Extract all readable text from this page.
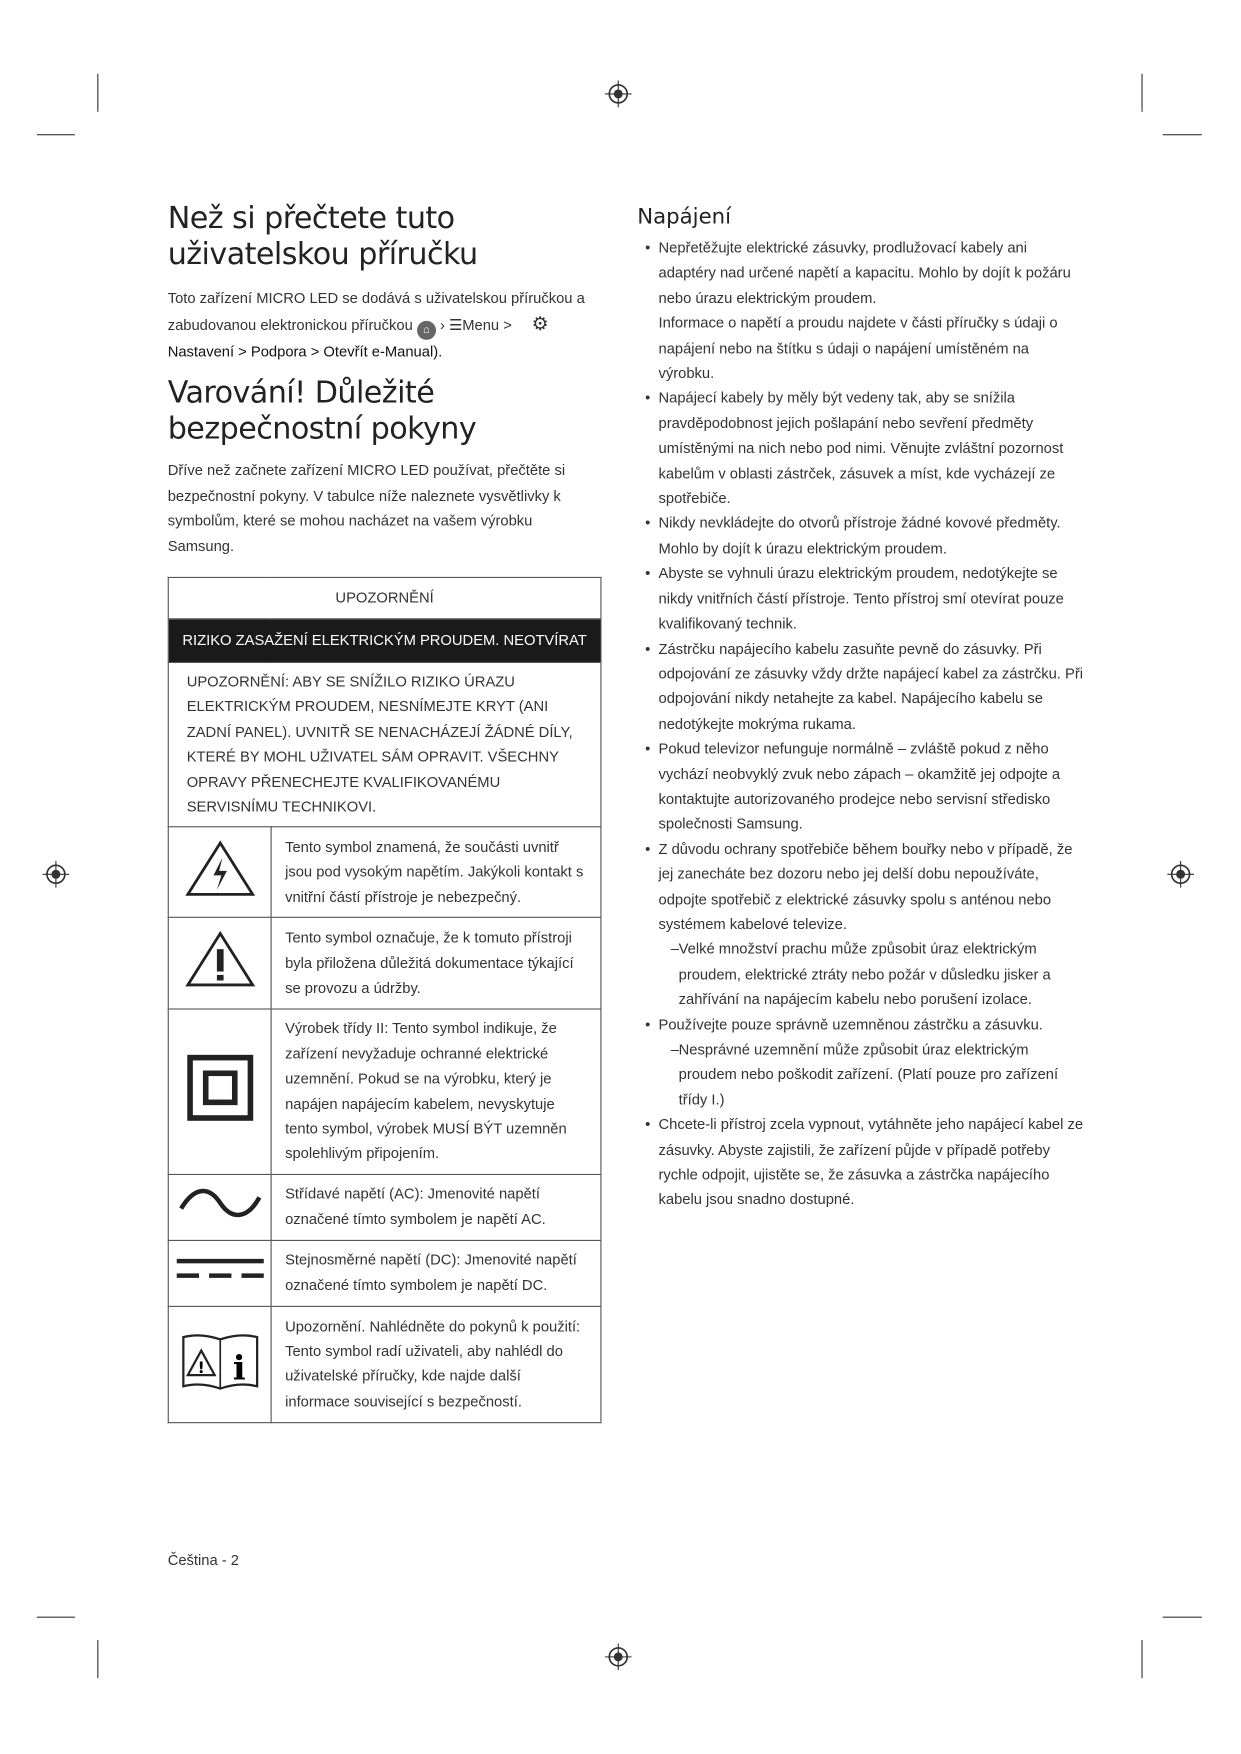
Než si přečtete tuto uživatelskou příručku

Toto zařízení MICRO LED se dodává s uživatelskou příručkou a zabudovanou elektronickou příručkou ⌂ › ☰Menu > ⚙
Nastavení > Podpora > Otevřít e-Manual).

Varování! Důležité bezpečnostní pokyny

Dříve než začnete zařízení MICRO LED používat, přečtěte si bezpečnostní pokyny. V tabulce níže naleznete vysvětlivky k symbolům, které se mohou nacházet na vašem výrobku Samsung.

UPOZORNĚNÍ	
RIZIKO ZASAŽENÍ ELEKTRICKÝM PROUDEM. NEOTVÍRAT	
UPOZORNĚNÍ: ABY SE SNÍŽILO RIZIKO ÚRAZU ELEKTRICKÝM PROUDEM, NESNÍMEJTE KRYT (ANI ZADNÍ PANEL). UVNITŘ SE NENACHÁZEJÍ ŽÁDNÉ DÍLY, KTERÉ BY MOHL UŽIVATEL SÁM OPRAVIT. VŠECHNY OPRAVY PŘENECHEJTE KVALIFIKOVANÉMU SERVISNÍMU TECHNIKOVI.	
	Tento symbol znamená, že součásti uvnitř jsou pod vysokým napětím. Jakýkoli kontakt s vnitřní částí přístroje je nebezpečný.
	Tento symbol označuje, že k tomuto přístroji byla přiložena důležitá dokumentace týkající se provozu a údržby.
	Výrobek třídy II: Tento symbol indikuje, že zařízení nevyžaduje ochranné elektrické uzemnění. Pokud se na výrobku, který je napájen napájecím kabelem, nevyskytuje tento symbol, výrobek MUSÍ BÝT uzemněn spolehlivým připojením.
	Střídavé napětí (AC): Jmenovité napětí označené tímto symbolem je napětí AC.
	Stejnosměrné napětí (DC): Jmenovité napětí označené tímto symbolem je napětí DC.

! i	Upozornění. Nahlédněte do pokynů k použití: Tento symbol radí uživateli, aby nahlédl do uživatelské příručky, kde najde další informace související s bezpečností.
Napájení
• Nepřetěžujte elektrické zásuvky, prodlužovací kabely ani adaptéry nad určené napětí a kapacitu. Mohlo by dojít k požáru nebo úrazu elektrickým proudem.
Informace o napětí a proudu najdete v části příručky s údaji o napájení nebo na štítku s údaji o napájení umístěném na výrobku.
• Napájecí kabely by měly být vedeny tak, aby se snížila pravděpodobnost jejich pošlapání nebo sevření předměty umístěnými na nich nebo pod nimi. Věnujte zvláštní pozornost kabelům v oblasti zástrček, zásuvek a míst, kde vycházejí ze spotřebiče.
• Nikdy nevkládejte do otvorů přístroje žádné kovové předměty. Mohlo by dojít k úrazu elektrickým proudem.
• Abyste se vyhnuli úrazu elektrickým proudem, nedotýkejte se nikdy vnitřních částí přístroje. Tento přístroj smí otevírat pouze kvalifikovaný technik.
• Zástrčku napájecího kabelu zasuňte pevně do zásuvky. Při odpojování ze zásuvky vždy držte napájecí kabel za zástrčku. Při odpojování nikdy netahejte za kabel. Napájecího kabelu se nedotýkejte mokrýma rukama.
• Pokud televizor nefunguje normálně – zvláště pokud z něho vychází neobvyklý zvuk nebo zápach – okamžitě jej odpojte a kontaktujte autorizovaného prodejce nebo servisní středisko společnosti Samsung.
• Z důvodu ochrany spotřebiče během bouřky nebo v případě, že jej zanecháte bez dozoru nebo jej delší dobu nepoužíváte, odpojte spotřebič z elektrické zásuvky spolu s anténou nebo systémem kabelové televize.
– Velké množství prachu může způsobit úraz elektrickým proudem, elektrické ztráty nebo požár v důsledku jisker a zahřívání na napájecím kabelu nebo porušení izolace.
• Používejte pouze správně uzemněnou zástrčku a zásuvku.
– Nesprávné uzemnění může způsobit úraz elektrickým proudem nebo poškodit zařízení. (Platí pouze pro zařízení třídy I.)
• Chcete-li přístroj zcela vypnout, vytáhněte jeho napájecí kabel ze zásuvky. Abyste zajistili, že zařízení půjde v případě potřeby rychle odpojit, ujistěte se, že zásuvka a zástrčka napájecího kabelu jsou snadno dostupné.
Čeština - 2
